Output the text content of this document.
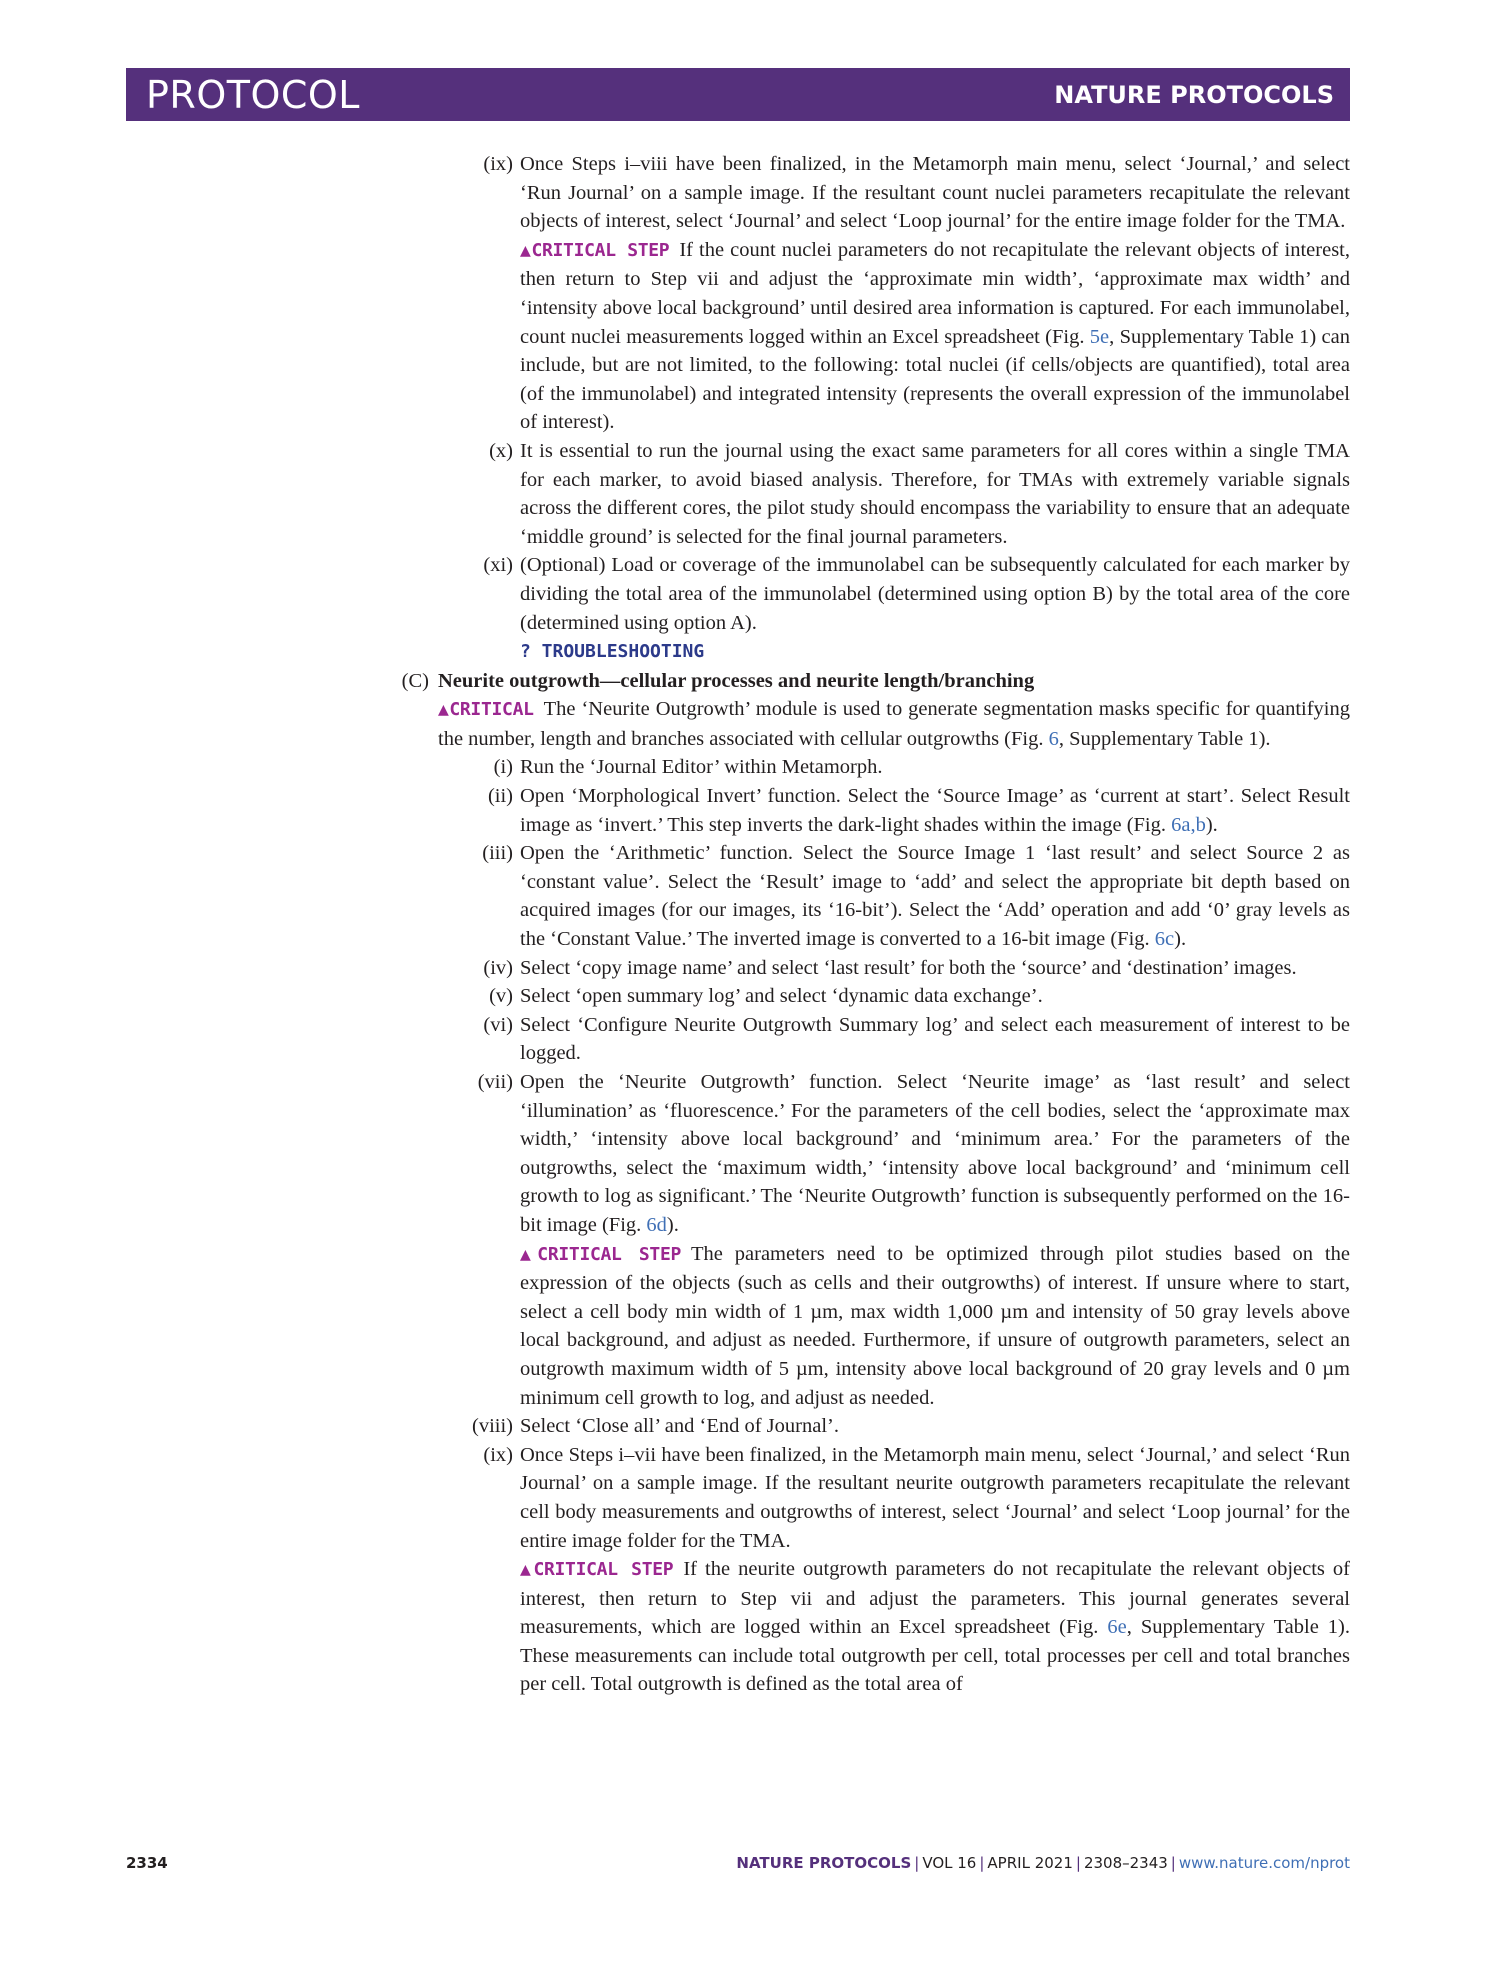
PROTOCOL	NATURE PROTOCOLS
(ix) Once Steps i–viii have been finalized, in the Metamorph main menu, select ‘Journal,’ and select ‘Run Journal’ on a sample image. If the resultant count nuclei parameters recapitulate the relevant objects of interest, select ‘Journal’ and select ‘Loop journal’ for the entire image folder for the TMA.

▲CRITICAL STEP If the count nuclei parameters do not recapitulate the relevant objects of interest, then return to Step vii and adjust the ‘approximate min width’, ‘approximate max width’ and ‘intensity above local background’ until desired area information is captured. For each immunolabel, count nuclei measurements logged within an Excel spreadsheet (Fig. 5e, Supplementary Table 1) can include, but are not limited, to the following: total nuclei (if cells/objects are quantified), total area (of the immunolabel) and integrated intensity (represents the overall expression of the immunolabel of interest).

(x) It is essential to run the journal using the exact same parameters for all cores within a single TMA for each marker, to avoid biased analysis. Therefore, for TMAs with extremely variable signals across the different cores, the pilot study should encompass the variability to ensure that an adequate ‘middle ground’ is selected for the final journal parameters.

(xi) (Optional) Load or coverage of the immunolabel can be subsequently calculated for each marker by dividing the total area of the immunolabel (determined using option B) by the total area of the core (determined using option A).

? TROUBLESHOOTING

(C) Neurite outgrowth—cellular processes and neurite length/branching

▲CRITICAL The ‘Neurite Outgrowth’ module is used to generate segmentation masks specific for quantifying the number, length and branches associated with cellular outgrowths (Fig. 6, Supplementary Table 1).

(i) Run the ‘Journal Editor’ within Metamorph.

(ii) Open ‘Morphological Invert’ function. Select the ‘Source Image’ as ‘current at start’. Select Result image as ‘invert.’ This step inverts the dark-light shades within the image (Fig. 6a,b).

(iii) Open the ‘Arithmetic’ function. Select the Source Image 1 ‘last result’ and select Source 2 as ‘constant value’. Select the ‘Result’ image to ‘add’ and select the appropriate bit depth based on acquired images (for our images, its ‘16-bit’). Select the ‘Add’ operation and add ‘0’ gray levels as the ‘Constant Value.’ The inverted image is converted to a 16-bit image (Fig. 6c).

(iv) Select ‘copy image name’ and select ‘last result’ for both the ‘source’ and ‘destination’ images.

(v) Select ‘open summary log’ and select ‘dynamic data exchange’.

(vi) Select ‘Configure Neurite Outgrowth Summary log’ and select each measurement of interest to be logged.

(vii) Open the ‘Neurite Outgrowth’ function. Select ‘Neurite image’ as ‘last result’ and select ‘illumination’ as ‘fluorescence.’ For the parameters of the cell bodies, select the ‘approximate max width,’ ‘intensity above local background’ and ‘minimum area.’ For the parameters of the outgrowths, select the ‘maximum width,’ ‘intensity above local background’ and ‘minimum cell growth to log as significant.’ The ‘Neurite Outgrowth’ function is subsequently performed on the 16-bit image (Fig. 6d).

▲CRITICAL STEP The parameters need to be optimized through pilot studies based on the expression of the objects (such as cells and their outgrowths) of interest. If unsure where to start, select a cell body min width of 1 µm, max width 1,000 µm and intensity of 50 gray levels above local background, and adjust as needed. Furthermore, if unsure of outgrowth parameters, select an outgrowth maximum width of 5 µm, intensity above local background of 20 gray levels and 0 µm minimum cell growth to log, and adjust as needed.

(viii) Select ‘Close all’ and ‘End of Journal’.

(ix) Once Steps i–vii have been finalized, in the Metamorph main menu, select ‘Journal,’ and select ‘Run Journal’ on a sample image. If the resultant neurite outgrowth parameters recapitulate the relevant cell body measurements and outgrowths of interest, select ‘Journal’ and select ‘Loop journal’ for the entire image folder for the TMA.

▲CRITICAL STEP If the neurite outgrowth parameters do not recapitulate the relevant objects of interest, then return to Step vii and adjust the parameters. This journal generates several measurements, which are logged within an Excel spreadsheet (Fig. 6e, Supplementary Table 1). These measurements can include total outgrowth per cell, total processes per cell and total branches per cell. Total outgrowth is defined as the total area of

2334	NATURE PROTOCOLS | VOL 16 | APRIL 2021 | 2308–2343 | www.nature.com/nprot
